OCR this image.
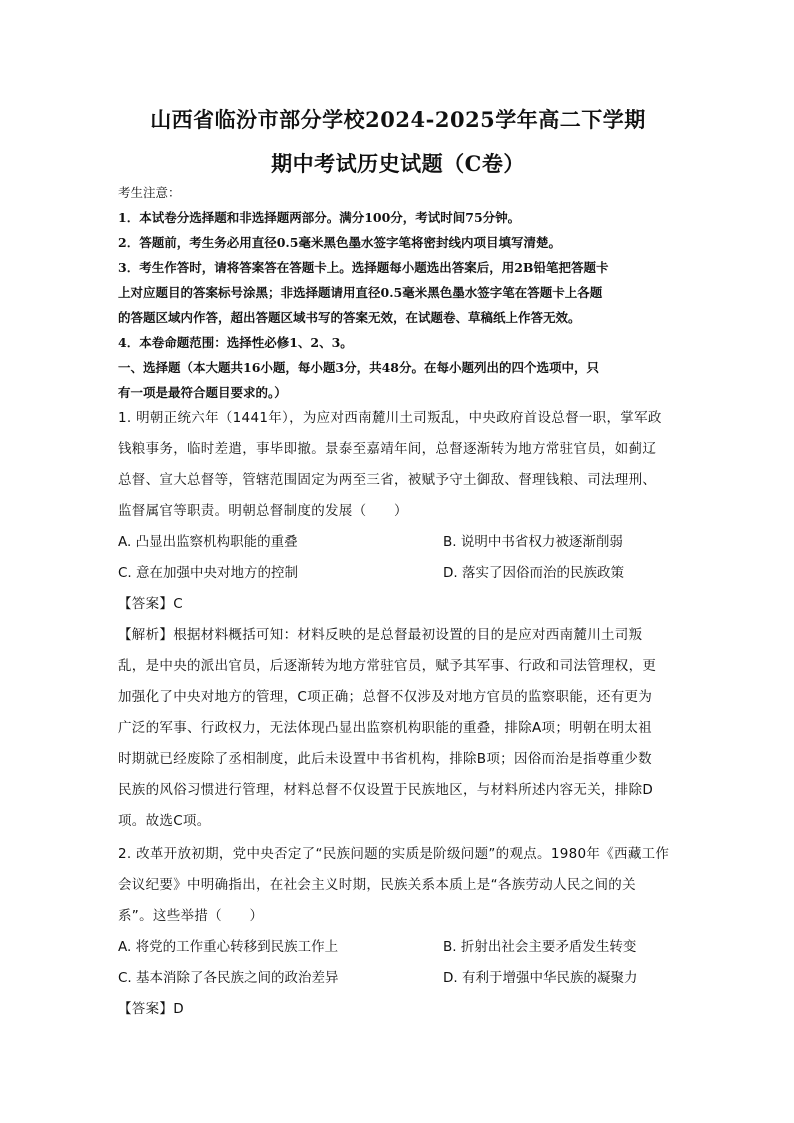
山西省临汾市部分学校2024-2025学年高二下学期
期中考试历史试题（C卷）
考生注意：
1．本试卷分选择题和非选择题两部分。满分100分，考试时间75分钟。
2．答题前，考生务必用直径0.5毫米黑色墨水签字笔将密封线内项目填写清楚。
3．考生作答时，请将答案答在答题卡上。选择题每小题选出答案后，用2B铅笔把答题卡
上对应题目的答案标号涂黑；非选择题请用直径0.5毫米黑色墨水签字笔在答题卡上各题
的答题区域内作答，超出答题区域书写的答案无效，在试题卷、草稿纸上作答无效。
4．本卷命题范围：选择性必修1、2、3。
一、选择题（本大题共16小题，每小题3分，共48分。在每小题列出的四个选项中，只
有一项是最符合题目要求的。）
1. 明朝正统六年（1441年），为应对西南麓川土司叛乱，中央政府首设总督一职，掌军政
钱粮事务，临时差遣，事毕即撤。景泰至嘉靖年间，总督逐渐转为地方常驻官员，如蓟辽
总督、宣大总督等，管辖范围固定为两至三省，被赋予守土御敌、督理钱粮、司法理刑、
监督属官等职责。明朝总督制度的发展（　　）
A. 凸显出监察机构职能的重叠	B. 说明中书省权力被逐渐削弱
C. 意在加强中央对地方的控制	D. 落实了因俗而治的民族政策
【答案】C
【解析】根据材料概括可知：材料反映的是总督最初设置的目的是应对西南麓川土司叛
乱，是中央的派出官员，后逐渐转为地方常驻官员，赋予其军事、行政和司法管理权，更
加强化了中央对地方的管理，C项正确；总督不仅涉及对地方官员的监察职能，还有更为
广泛的军事、行政权力，无法体现凸显出监察机构职能的重叠，排除A项；明朝在明太祖
时期就已经废除了丞相制度，此后未设置中书省机构，排除B项；因俗而治是指尊重少数
民族的风俗习惯进行管理，材料总督不仅设置于民族地区，与材料所述内容无关，排除D
项。故选C项。
2. 改革开放初期，党中央否定了“民族问题的实质是阶级问题”的观点。1980年《西藏工作
会议纪要》中明确指出，在社会主义时期，民族关系本质上是“各族劳动人民之间的关
系”。这些举措（　　）
A. 将党的工作重心转移到民族工作上	B. 折射出社会主要矛盾发生转变
C. 基本消除了各民族之间的政治差异	D. 有利于增强中华民族的凝聚力
【答案】D
